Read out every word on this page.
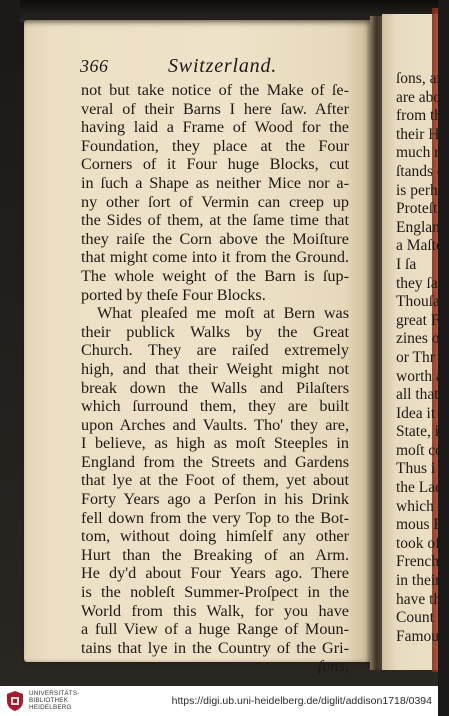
366	Switzerland.
not but take notice of the Make of ſe-
veral of their Barns I here ſaw. After
having laid a Frame of Wood for the
Foundation, they place at the Four
Corners of it Four huge Blocks, cut
in ſuch a Shape as neither Mice nor a-
ny other ſort of Vermin can creep up
the Sides of them, at the ſame time that
they raiſe the Corn above the Moiſture
that might come into it from the Ground.
The whole weight of the Barn is ſup-
ported by theſe Four Blocks.
What pleaſed me moſt at Bern was
their publick Walks by the Great
Church. They are raiſed extremely
high, and that their Weight might not
break down the Walls and Pilaſters
which ſurround them, they are built
upon Arches and Vaults. Tho' they are,
I believe, as high as moſt Steeples in
England from the Streets and Gardens
that lye at the Foot of them, yet about
Forty Years ago a Perſon in his Drink
fell down from the very Top to the Bot-
tom, without doing himſelf any other
Hurt than the Breaking of an Arm.
He dy'd about Four Years ago. There
is the nobleſt Summer-Proſpect in the
World from this Walk, for you have
a full View of a huge Range of Moun-
tains that lye in the Country of the Gri-
ſons,
ſons, an
are abou
from th
their H
much r
ſtands o
is perha
Proteſt
England
a Maſte
I ſa
they ſa
Thouſa
great F
zines o
or Thr
worth a
all that
Idea it
State, i
moſt co
Thus i
the Lad
which
mous E
took of
French i
in their
have th
Count v
Famous
UNIVERSITÄTS-
BIBLIOTHEK
HEIDELBERG
https://digi.ub.uni-heidelberg.de/diglit/addison1718/0394
